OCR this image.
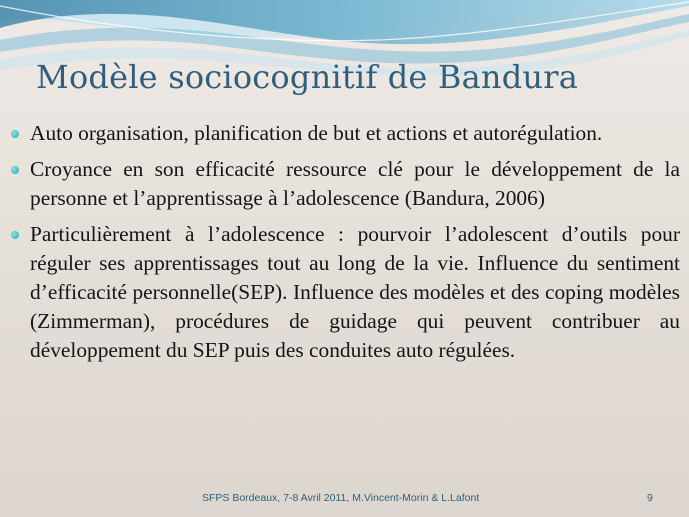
Modèle sociocognitif de Bandura
Auto organisation, planification de but et actions et autorégulation.
Croyance en son efficacité ressource clé pour le développement de la personne et l’apprentissage à l’adolescence (Bandura, 2006)
Particulièrement à l’adolescence : pourvoir l’adolescent d’outils pour réguler ses apprentissages tout au long de la vie. Influence du sentiment d’efficacité personnelle(SEP). Influence des modèles et des coping modèles (Zimmerman), procédures de guidage qui peuvent contribuer au développement du SEP puis des conduites auto régulées.
SFPS Bordeaux, 7-8 Avril 2011, M.Vincent-Morin & L.Lafont	9
